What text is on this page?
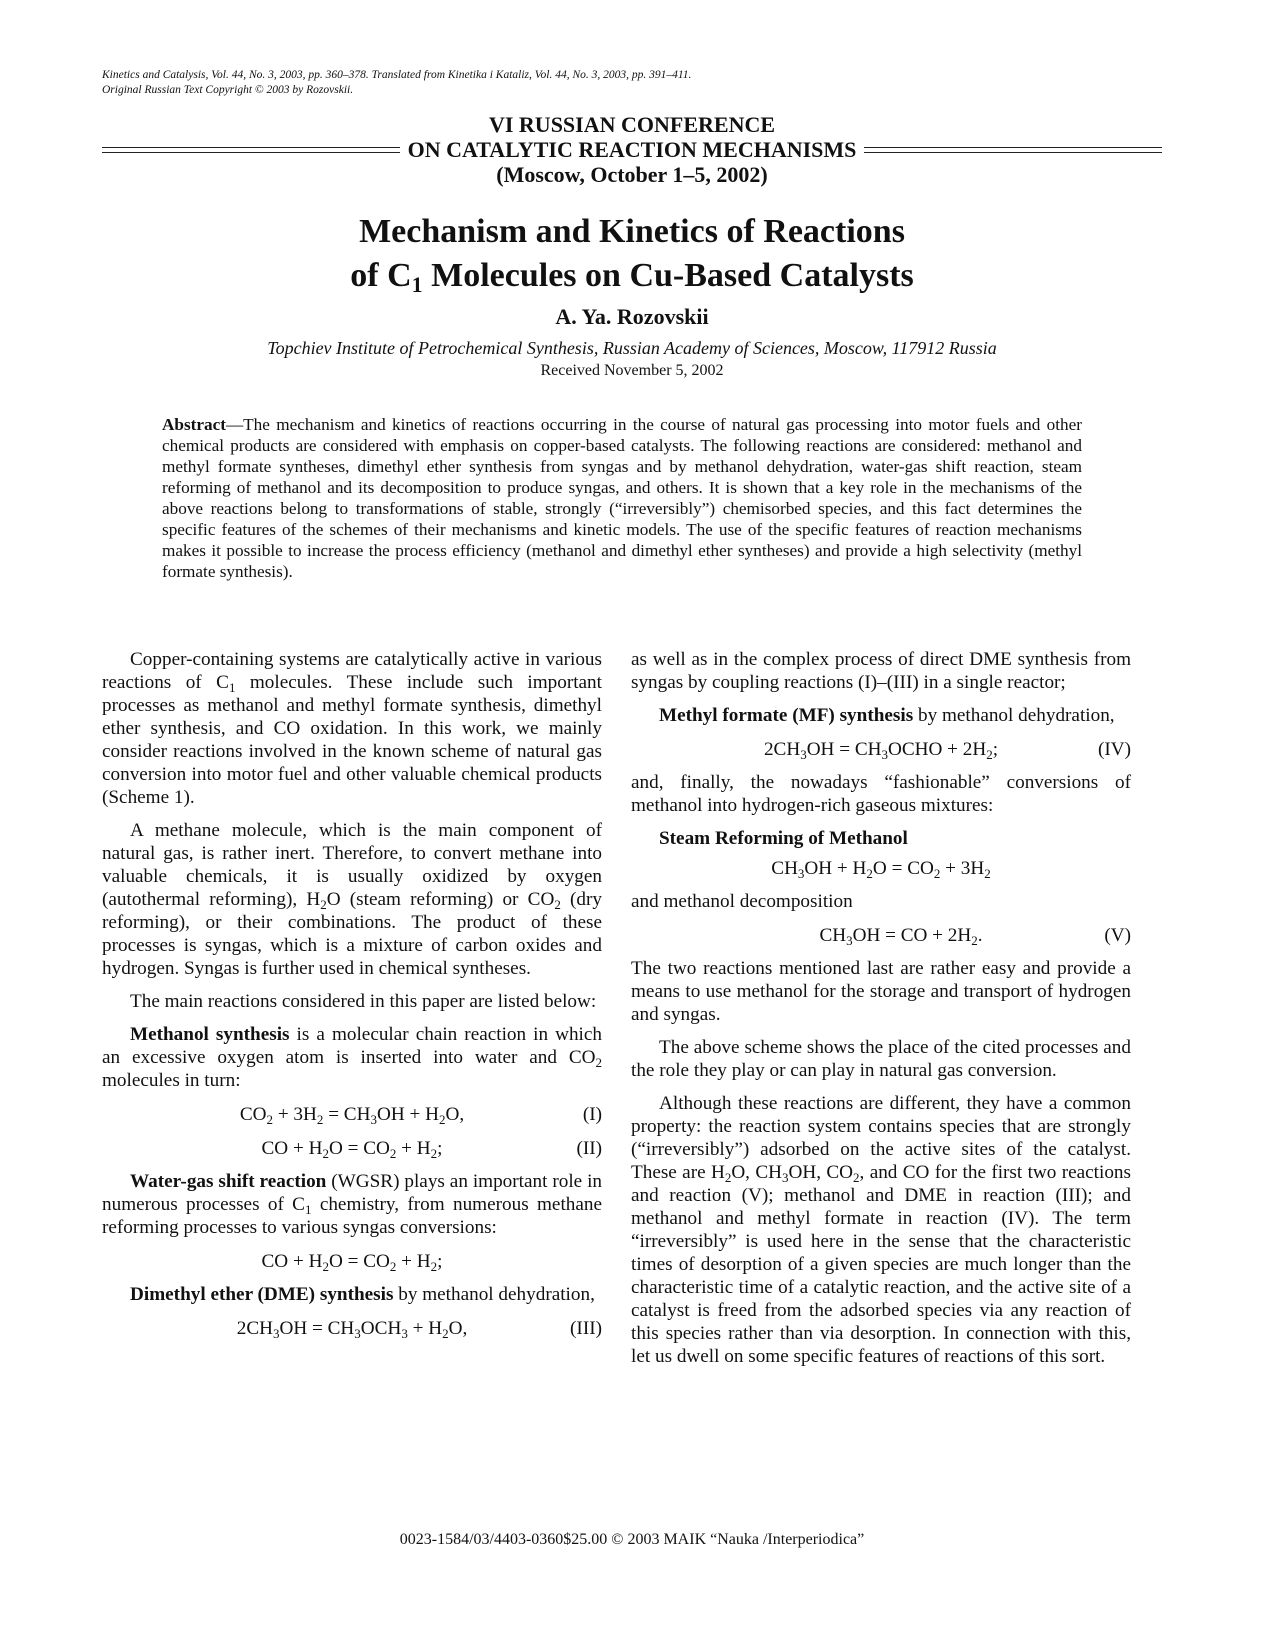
Kinetics and Catalysis, Vol. 44, No. 3, 2003, pp. 360–378. Translated from Kinetika i Kataliz, Vol. 44, No. 3, 2003, pp. 391–411.
Original Russian Text Copyright © 2003 by Rozovskii.
VI RUSSIAN CONFERENCE
ON CATALYTIC REACTION MECHANISMS
(Moscow, October 1–5, 2002)
Mechanism and Kinetics of Reactions
of $C_1$ Molecules on Cu-Based Catalysts
A. Ya. Rozovskii
Topchiev Institute of Petrochemical Synthesis, Russian Academy of Sciences, Moscow, 117912 Russia
Received November 5, 2002
Abstract—The mechanism and kinetics of reactions occurring in the course of natural gas processing into motor fuels and other chemical products are considered with emphasis on copper-based catalysts. The following reactions are considered: methanol and methyl formate syntheses, dimethyl ether synthesis from syngas and by methanol dehydration, water-gas shift reaction, steam reforming of methanol and its decomposition to produce syngas, and others. It is shown that a key role in the mechanisms of the above reactions belong to transformations of stable, strongly (“irreversibly”) chemisorbed species, and this fact determines the specific features of the schemes of their mechanisms and kinetic models. The use of the specific features of reaction mechanisms makes it possible to increase the process efficiency (methanol and dimethyl ether syntheses) and provide a high selectivity (methyl formate synthesis).

Copper-containing systems are catalytically active in various reactions of $C_1$ molecules. These include such important processes as methanol and methyl formate synthesis, dimethyl ether synthesis, and CO oxidation. In this work, we mainly consider reactions involved in the known scheme of natural gas conversion into motor fuel and other valuable chemical products (Scheme 1).

A methane molecule, which is the main component of natural gas, is rather inert. Therefore, to convert methane into valuable chemicals, it is usually oxidized by oxygen (autothermal reforming), $H_2O$ (steam reforming) or $CO_2$ (dry reforming), or their combinations. The product of these processes is syngas, which is a mixture of carbon oxides and hydrogen. Syngas is further used in chemical syntheses.

The main reactions considered in this paper are listed below:

Methanol synthesis is a molecular chain reaction in which an excessive oxygen atom is inserted into water and $CO_2$ molecules in turn:

$CO_2 + 3H_2 = CH_3OH + H_2O$,	(I)
CO + $H_2O = CO_2 + H_2$;	(II)

Water-gas shift reaction (WGSR) plays an important role in numerous processes of $C_1$ chemistry, from numerous methane reforming processes to various syngas conversions:

CO + $H_2O = CO_2 + H_2$;

Dimethyl ether (DME) synthesis by methanol dehydration,

$2CH_3OH = CH_3OCH_3 + H_2O$,	(III)

as well as in the complex process of direct DME synthesis from syngas by coupling reactions (I)–(III) in a single reactor;

Methyl formate (MF) synthesis by methanol dehydration,

$2CH_3OH$ = $CH_3OCHO + 2H_2$;	(IV)

and, finally, the nowadays “fashionable” conversions of methanol into hydrogen-rich gaseous mixtures:

Steam Reforming of Methanol
$CH_3OH + H_2O = CO_2 + 3H_2$

and methanol decomposition

$CH_3OH$ = CO + $2H_2$.	(V)

The two reactions mentioned last are rather easy and provide a means to use methanol for the storage and transport of hydrogen and syngas.

The above scheme shows the place of the cited processes and the role they play or can play in natural gas conversion.

Although these reactions are different, they have a common property: the reaction system contains species that are strongly (“irreversibly”) adsorbed on the active sites of the catalyst. These are $H_2O$, $CH_3OH$, $CO_2$, and CO for the first two reactions and reaction (V); methanol and DME in reaction (III); and methanol and methyl formate in reaction (IV). The term “irreversibly” is used here in the sense that the characteristic times of desorption of a given species are much longer than the characteristic time of a catalytic reaction, and the active site of a catalyst is freed from the adsorbed species via any reaction of this species rather than via desorption. In connection with this, let us dwell on some specific features of reactions of this sort.

0023-1584/03/4403-0360$25.00 © 2003 MAIK “Nauka /Interperiodica”
